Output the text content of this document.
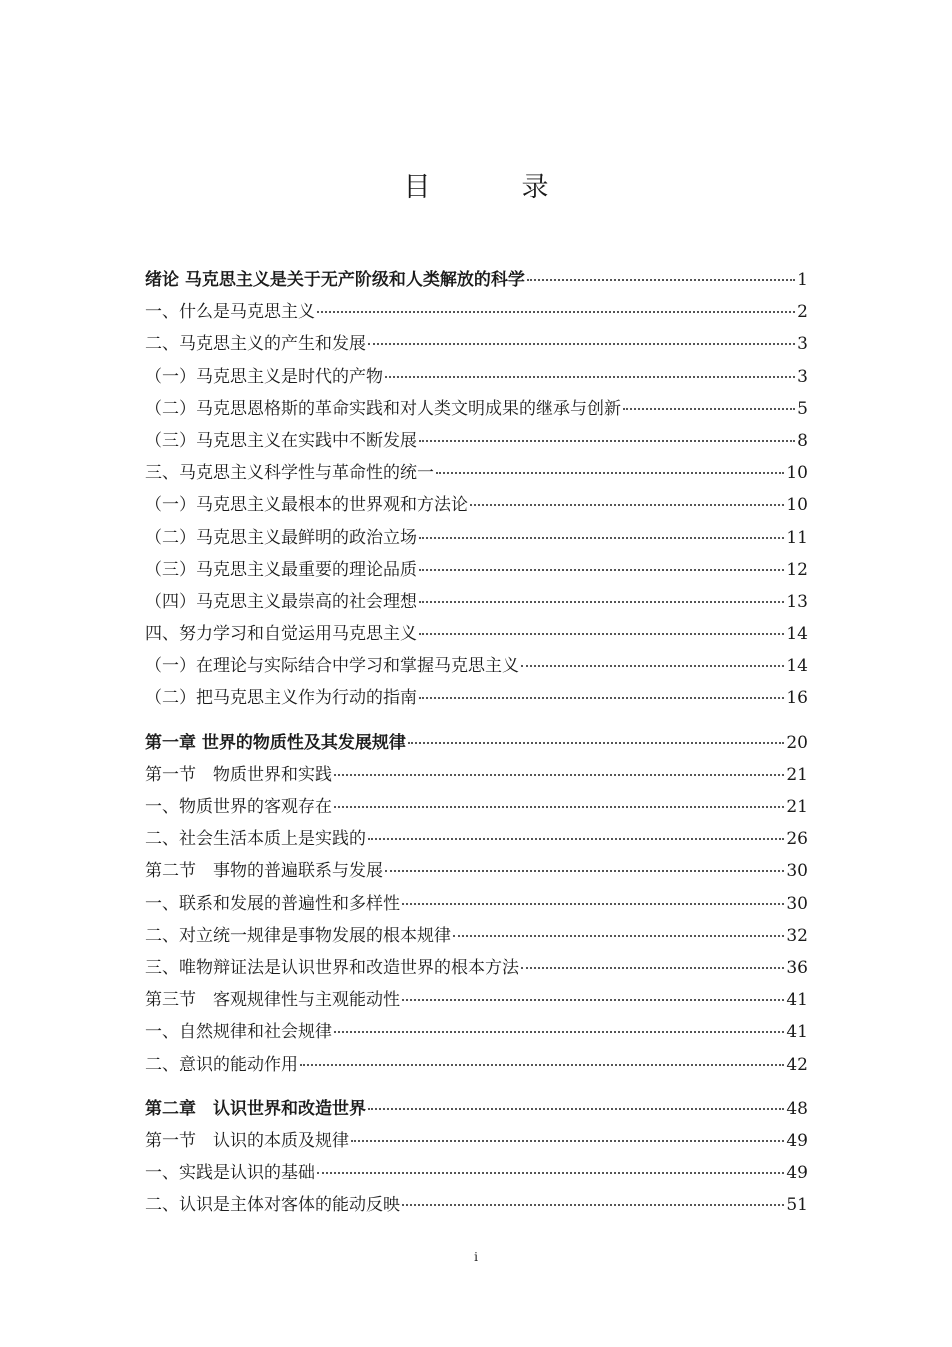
目　录
绪论 马克思主义是关于无产阶级和人类解放的科学	1
一、什么是马克思主义	2
二、马克思主义的产生和发展	3
（一）马克思主义是时代的产物	3
（二）马克思恩格斯的革命实践和对人类文明成果的继承与创新	5
（三）马克思主义在实践中不断发展	8
三、马克思主义科学性与革命性的统一	10
（一）马克思主义最根本的世界观和方法论	10
（二）马克思主义最鲜明的政治立场	11
（三）马克思主义最重要的理论品质	12
（四）马克思主义最崇高的社会理想	13
四、努力学习和自觉运用马克思主义	14
（一）在理论与实际结合中学习和掌握马克思主义	14
（二）把马克思主义作为行动的指南	16
第一章 世界的物质性及其发展规律	20
第一节　物质世界和实践	21
一、物质世界的客观存在	21
二、社会生活本质上是实践的	26
第二节　事物的普遍联系与发展	30
一、联系和发展的普遍性和多样性	30
二、对立统一规律是事物发展的根本规律	32
三、唯物辩证法是认识世界和改造世界的根本方法	36
第三节　客观规律性与主观能动性	41
一、自然规律和社会规律	41
二、意识的能动作用	42
第二章　认识世界和改造世界	48
第一节　认识的本质及规律	49
一、实践是认识的基础	49
二、认识是主体对客体的能动反映	51
i
